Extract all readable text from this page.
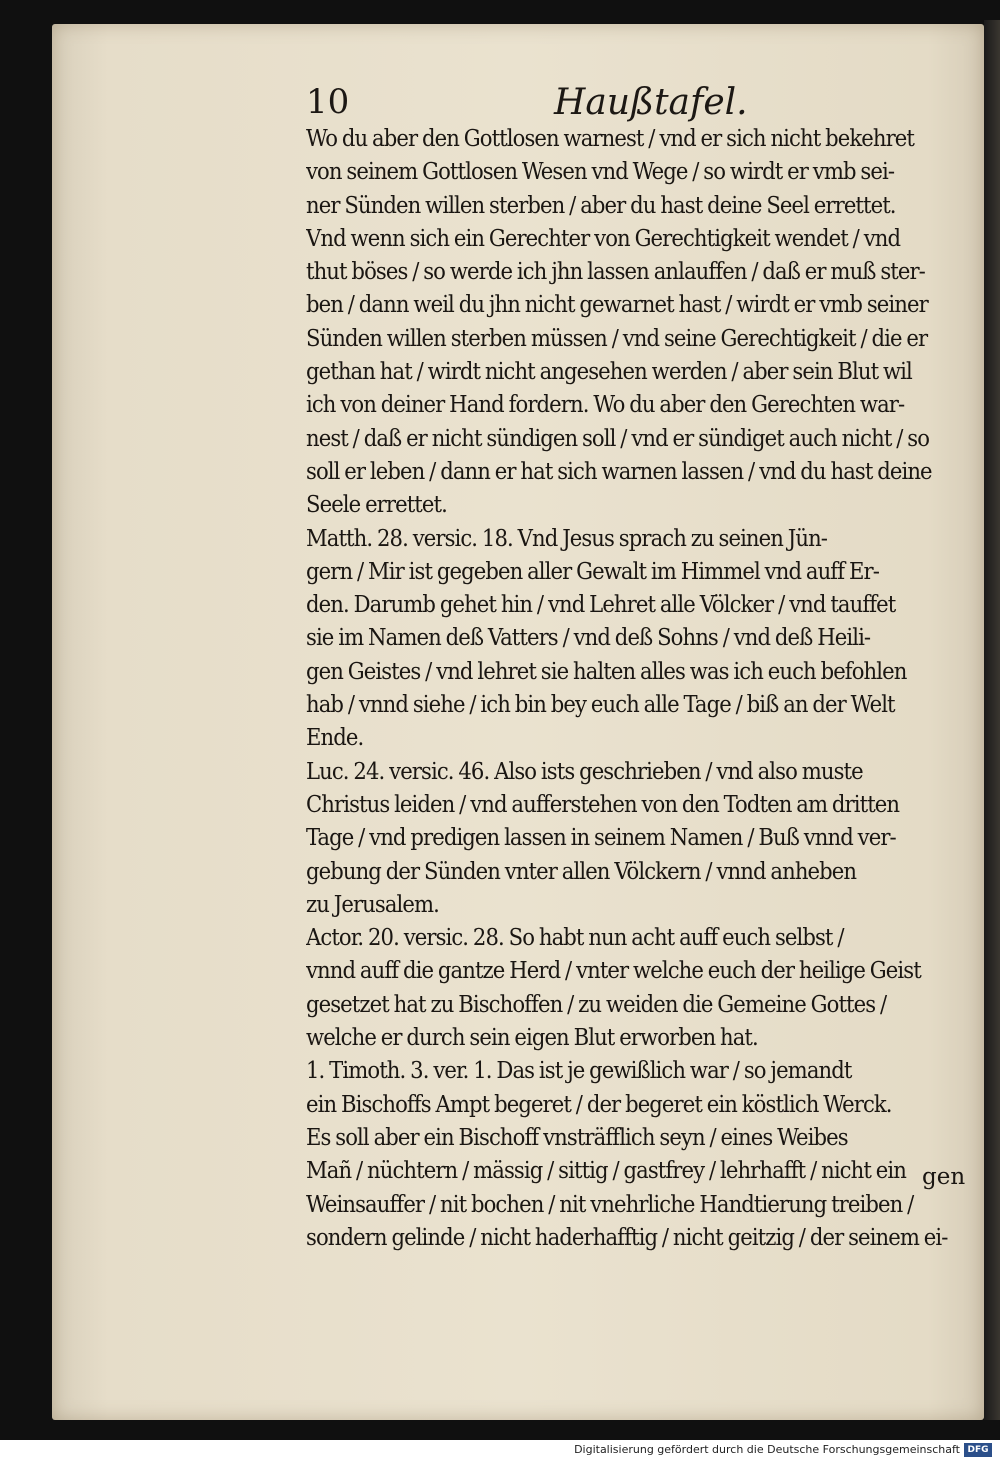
10	Haußtafel.
Wo du aber den Gottlosen warnest / vnd er sich nicht bekehret
von seinem Gottlosen Wesen vnd Wege / so wirdt er vmb sei-
ner Sünden willen sterben / aber du hast deine Seel errettet.
Vnd wenn sich ein Gerechter von Gerechtigkeit wendet / vnd
thut böses / so werde ich jhn lassen anlauffen / daß er muß ster-
ben / dann weil du jhn nicht gewarnet hast / wirdt er vmb seiner
Sünden willen sterben müssen / vnd seine Gerechtigkeit / die er
gethan hat / wirdt nicht angesehen werden / aber sein Blut wil
ich von deiner Hand fordern. Wo du aber den Gerechten war-
nest / daß er nicht sündigen soll / vnd er sündiget auch nicht / so
soll er leben / dann er hat sich warnen lassen / vnd du hast deine
Seele errettet.
Matth. 28. versic. 18. Vnd Jesus sprach zu seinen Jün-
gern / Mir ist gegeben aller Gewalt im Himmel vnd auff Er-
den. Darumb gehet hin / vnd Lehret alle Völcker / vnd tauffet
sie im Namen deß Vatters / vnd deß Sohns / vnd deß Heili-
gen Geistes / vnd lehret sie halten alles was ich euch befohlen
hab / vnnd siehe / ich bin bey euch alle Tage / biß an der Welt
Ende.
Luc. 24. versic. 46. Also ists geschrieben / vnd also muste
Christus leiden / vnd aufferstehen von den Todten am dritten
Tage / vnd predigen lassen in seinem Namen / Buß vnnd ver-
gebung der Sünden vnter allen Völckern / vnnd anheben
zu Jerusalem.
Actor. 20. versic. 28. So habt nun acht auff euch selbst /
vnnd auff die gantze Herd / vnter welche euch der heilige Geist
gesetzet hat zu Bischoffen / zu weiden die Gemeine Gottes /
welche er durch sein eigen Blut erworben hat.
1. Timoth. 3. ver. 1. Das ist je gewißlich war / so jemandt
ein Bischoffs Ampt begeret / der begeret ein köstlich Werck.
Es soll aber ein Bischoff vnsträfflich seyn / eines Weibes
Mañ / nüchtern / mässig / sittig / gastfrey / lehrhafft / nicht ein
Weinsauffer / nit bochen / nit vnehrliche Handtierung treiben /
sondern gelinde / nicht haderhafftig / nicht geitzig / der seinem ei-
gen
Digitalisierung gefördert durch die Deutsche Forschungsgemeinschaft DFG
